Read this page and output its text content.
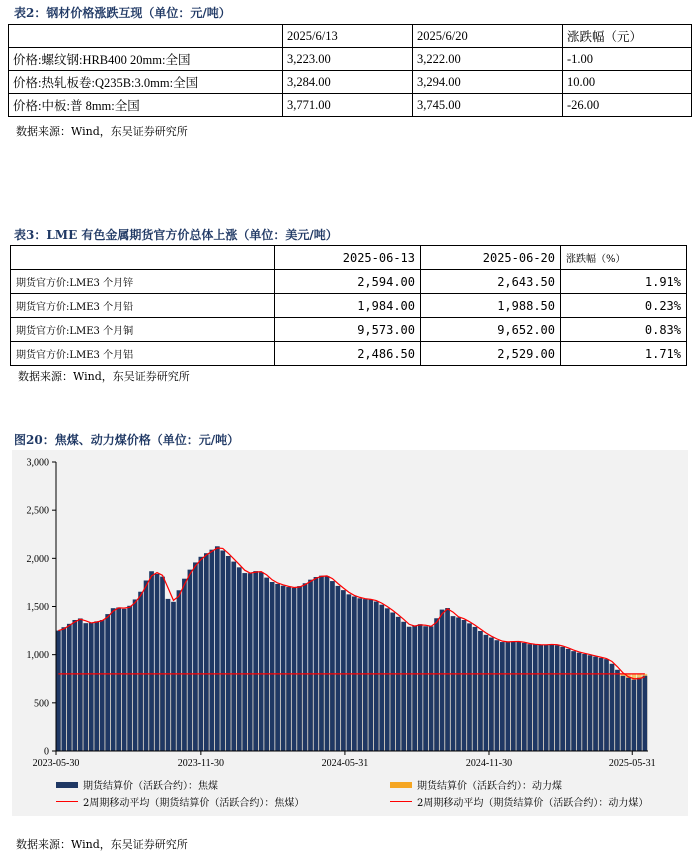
表2：钢材价格涨跌互现（单位：元/吨）
	2025/6/13	2025/6/20	涨跌幅（元）
价格:螺纹钢:HRB400 20mm:全国	3,223.00	3,222.00	-1.00
价格:热轧板卷:Q235B:3.0mm:全国	3,284.00	3,294.00	10.00
价格:中板:普 8mm:全国	3,771.00	3,745.00	-26.00
数据来源：Wind，东吴证券研究所
表3：LME 有色金属期货官方价总体上涨（单位：美元/吨）
	2025-06-13	2025-06-20	涨跌幅（%）
期货官方价:LME3 个月锌	2,594.00	2,643.50	1.91%
期货官方价:LME3 个月铅	1,984.00	1,988.50	0.23%
期货官方价:LME3 个月铜	9,573.00	9,652.00	0.83%
期货官方价:LME3 个月铝	2,486.50	2,529.00	1.71%
数据来源：Wind，东吴证券研究所
图20：焦煤、动力煤价格（单位：元/吨）
0
500
1,000
1,500
2,000
2,500
3,000
2023-05-30	2023-11-30	2024-05-31	2024-11-30	2025-05-31
期货结算价（活跃合约）：焦煤	期货结算价（活跃合约）：动力煤
2周期移动平均（期货结算价（活跃合约）：焦煤）	2周期移动平均（期货结算价（活跃合约）：动力煤）
数据来源：Wind，东吴证券研究所
